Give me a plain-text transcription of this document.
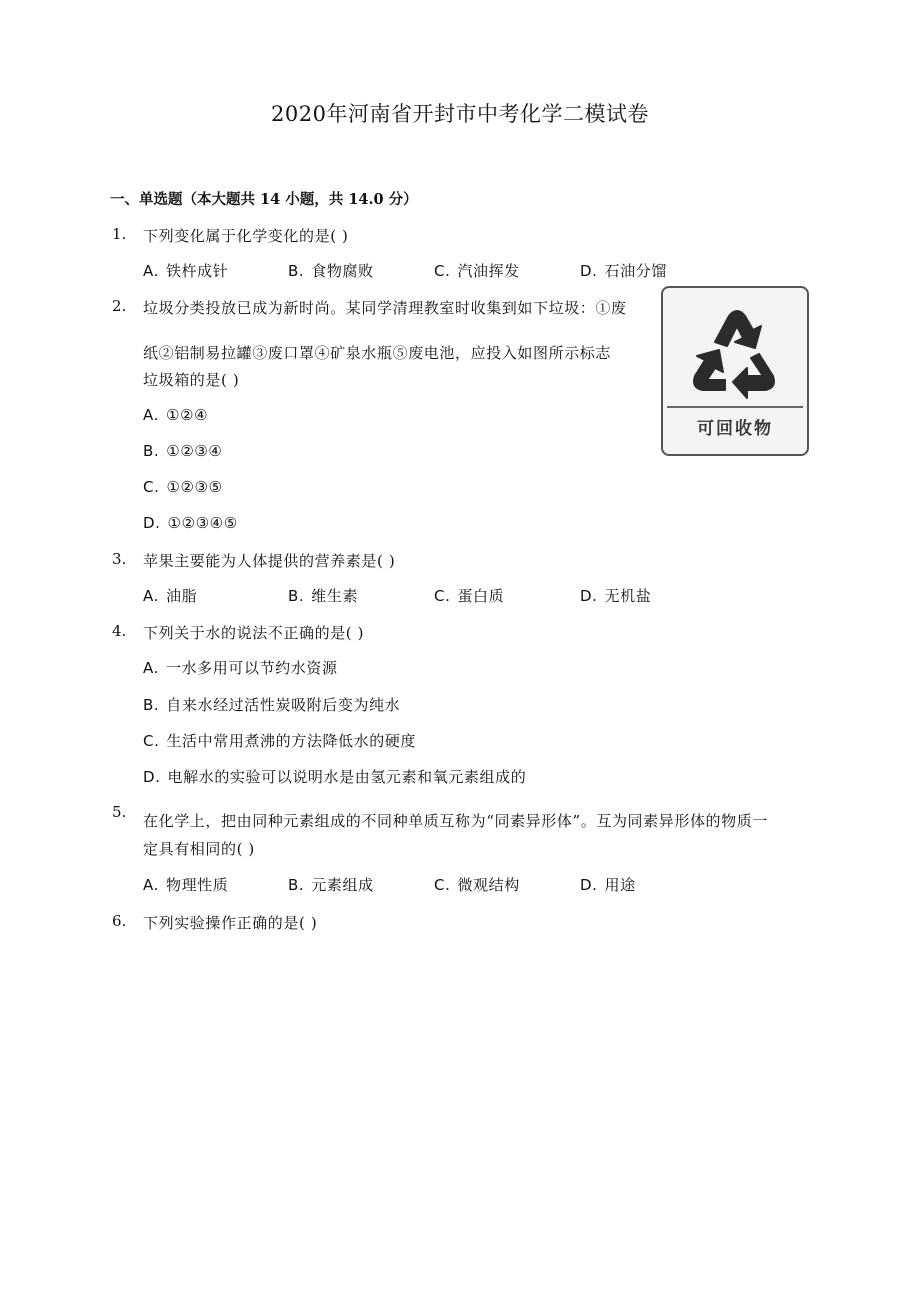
2020年河南省开封市中考化学二模试卷
一、单选题（本大题共 14 小题，共 14.0 分）
1. 下列变化属于化学变化的是( )
A. 铁杵成针	B. 食物腐败	C. 汽油挥发	D. 石油分馏
2. 垃圾分类投放已成为新时尚。某同学清理教室时收集到如下垃圾：①废
纸②铝制易拉罐③废口罩④矿泉水瓶⑤废电池，应投入如图所示标志
垃圾箱的是( )
A. ①②④
B. ①②③④
C. ①②③⑤
D. ①②③④⑤
可回收物
3. 苹果主要能为人体提供的营养素是( )
A. 油脂	B. 维生素	C. 蛋白质	D. 无机盐
4. 下列关于水的说法不正确的是( )
A. 一水多用可以节约水资源
B. 自来水经过活性炭吸附后变为纯水
C. 生活中常用煮沸的方法降低水的硬度
D. 电解水的实验可以说明水是由氢元素和氧元素组成的
5. 在化学上，把由同种元素组成的不同种单质互称为“同素异形体”。互为同素异形体的物质一
定具有相同的( )
A. 物理性质	B. 元素组成	C. 微观结构	D. 用途
6. 下列实验操作正确的是( )
